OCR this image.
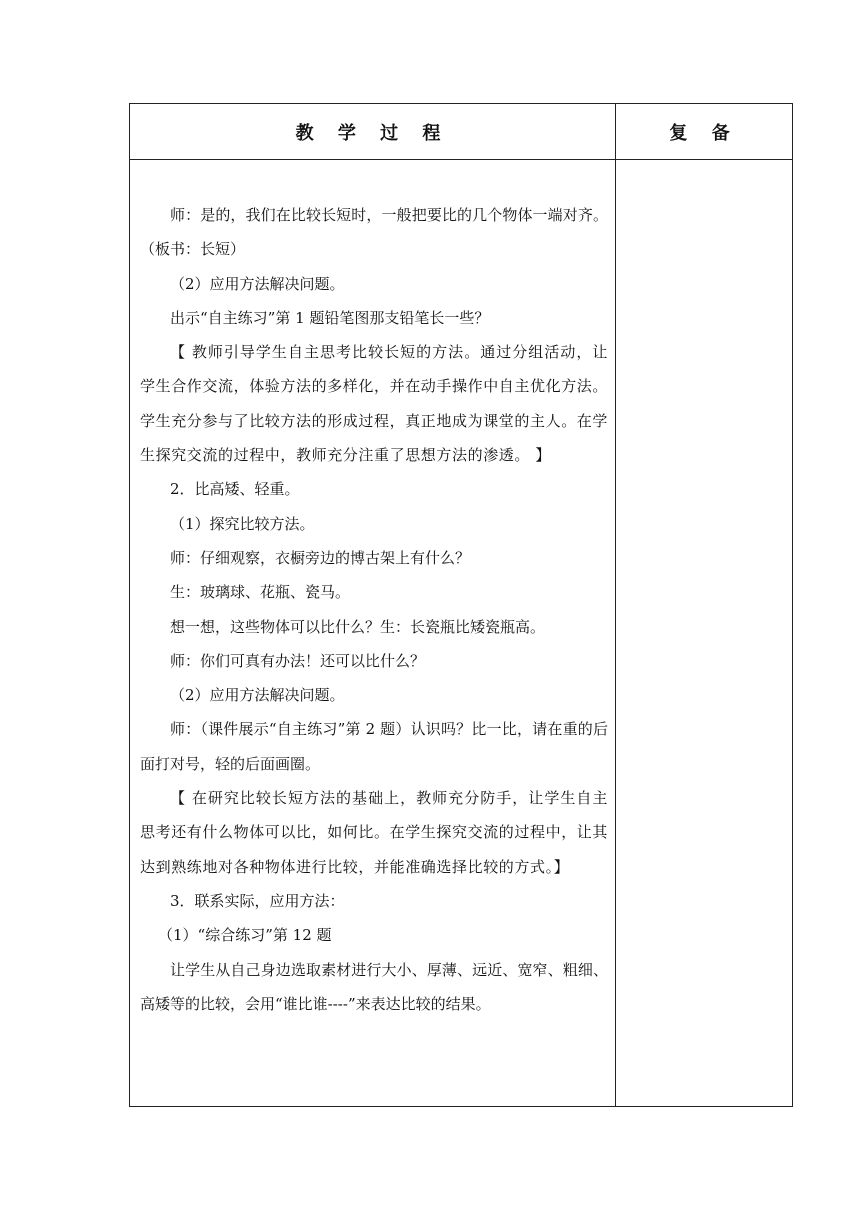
教 学 过 程	复 备

师：是的，我们在比较长短时，一般把要比的几个物体一端对齐。（板书：长短）

（2）应用方法解决问题。

出示“自主练习”第 1 题铅笔图那支铅笔长一些？

【 教师引导学生自主思考比较长短的方法。通过分组活动，让学生合作交流，体验方法的多样化，并在动手操作中自主优化方法。学生充分参与了比较方法的形成过程，真正地成为课堂的主人。在学生探究交流的过程中，教师充分注重了思想方法的渗透。 】

2．比高矮、轻重。

（1）探究比较方法。

师：仔细观察，衣橱旁边的博古架上有什么？

生：玻璃球、花瓶、瓷马。

想一想，这些物体可以比什么？生：长瓷瓶比矮瓷瓶高。

师：你们可真有办法！还可以比什么？

（2）应用方法解决问题。

师：（课件展示“自主练习”第 2 题）认识吗？比一比，请在重的后面打对号，轻的后面画圈。

【 在研究比较长短方法的基础上，教师充分防手，让学生自主思考还有什么物体可以比，如何比。在学生探究交流的过程中，让其达到熟练地对各种物体进行比较，并能准确选择比较的方式。】

3．联系实际，应用方法：

（1）“综合练习”第 12 题

让学生从自己身边选取素材进行大小、厚薄、远近、宽窄、粗细、高矮等的比较，会用“谁比谁----”来表达比较的结果。
